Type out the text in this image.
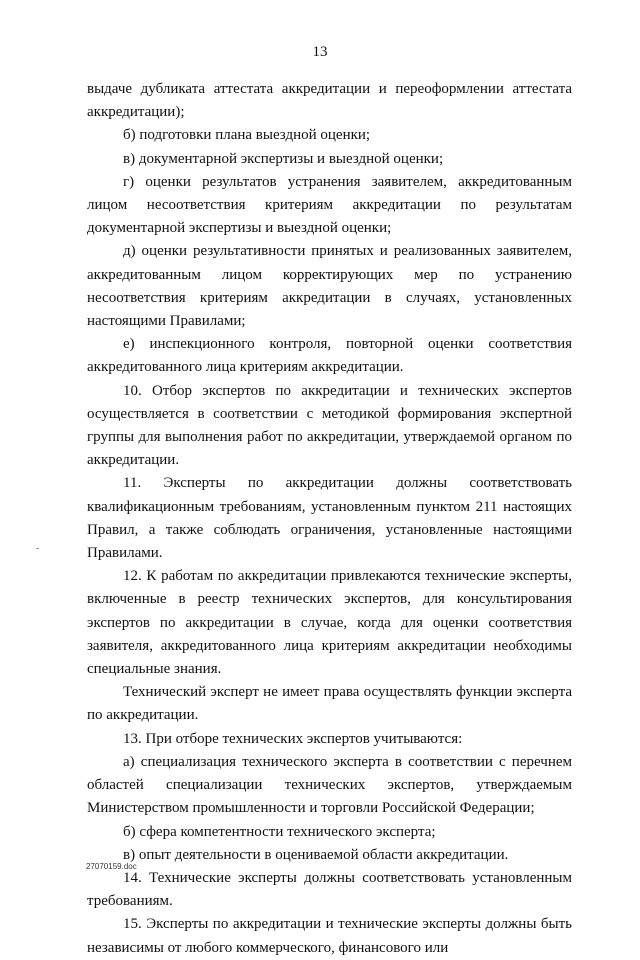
13

выдаче дубликата аттестата аккредитации и переоформлении аттестата аккредитации);

б) подготовки плана выездной оценки;

в) документарной экспертизы и выездной оценки;

г) оценки результатов устранения заявителем, аккредитованным лицом несоответствия критериям аккредитации по результатам документарной экспертизы и выездной оценки;

д) оценки результативности принятых и реализованных заявителем, аккредитованным лицом корректирующих мер по устранению несоответствия критериям аккредитации в случаях, установленных настоящими Правилами;

е) инспекционного контроля, повторной оценки соответствия аккредитованного лица критериям аккредитации.

10. Отбор экспертов по аккредитации и технических экспертов осуществляется в соответствии с методикой формирования экспертной группы для выполнения работ по аккредитации, утверждаемой органом по аккредитации.

11. Эксперты по аккредитации должны соответствовать квалификационным требованиям, установленным пунктом 211 настоящих Правил, а также соблюдать ограничения, установленные настоящими Правилами.

12. К работам по аккредитации привлекаются технические эксперты, включенные в реестр технических экспертов, для консультирования экспертов по аккредитации в случае, когда для оценки соответствия заявителя, аккредитованного лица критериям аккредитации необходимы специальные знания.

Технический эксперт не имеет права осуществлять функции эксперта по аккредитации.

13. При отборе технических экспертов учитываются:

а) специализация технического эксперта в соответствии с перечнем областей специализации технических экспертов, утверждаемым Министерством промышленности и торговли Российской Федерации;

б) сфера компетентности технического эксперта;

в) опыт деятельности в оцениваемой области аккредитации.

14. Технические эксперты должны соответствовать установленным требованиям.

15. Эксперты по аккредитации и технические эксперты должны быть независимы от любого коммерческого, финансового или

27070159.doc
